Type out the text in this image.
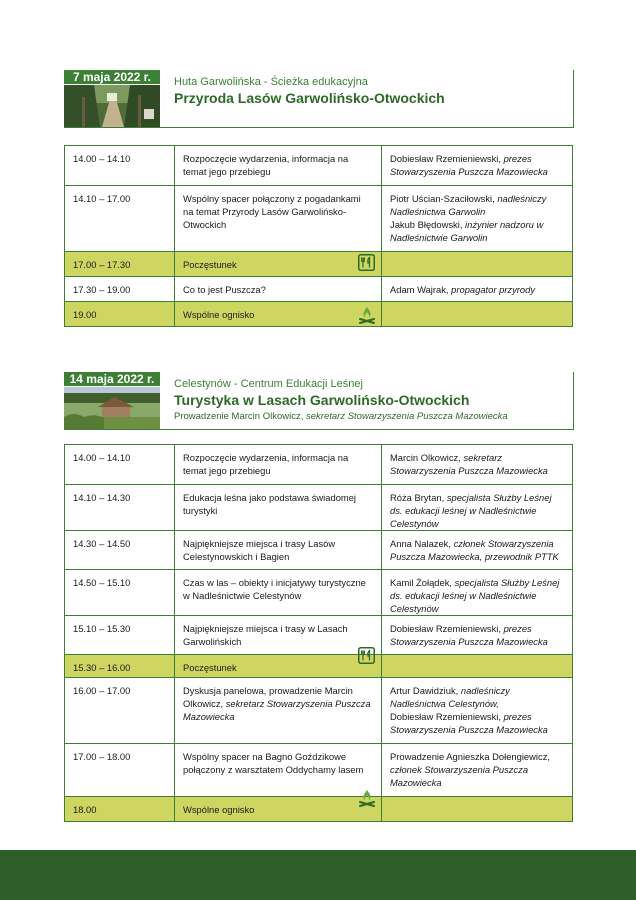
7 maja 2022 r.	Huta Garwolińska - Ścieżka edukacyjna
Przyroda Lasów Garwolińsko-Otwockich
14.00 – 14.10	Rozpoczęcie wydarzenia, informacja na temat jego przebiegu	Dobiesław Rzemieniewski, prezes Stowarzyszenia Puszcza Mazowiecka
14.10 – 17.00	Wspólny spacer połączony z pogadankami na temat Przyrody Lasów Garwolińsko-Otwockich	Piotr Uścian-Szaciłowski, nadleśniczy Nadleśnictwa Garwolin
Jakub Błędowski, inżynier nadzoru w Nadleśnictwie Garwolin
17.00 – 17.30	Poczęstunek	
17.30 – 19.00	Co to jest Puszcza?	Adam Wajrak, propagator przyrody
19.00	Wspólne ognisko	
14 maja 2022 r.	Celestynów - Centrum Edukacji Leśnej
Turystyka w Lasach Garwolińsko-Otwockich
Prowadzenie Marcin Olkowicz, sekretarz Stowarzyszenia Puszcza Mazowiecka
14.00 – 14.10	Rozpoczęcie wydarzenia, informacja na temat jego przebiegu	Marcin Olkowicz, sekretarz Stowarzyszenia Puszcza Mazowiecka
14.10 – 14.30	Edukacja leśna jako podstawa świadomej turystyki	Róża Brytan, specjalista Służby Leśnej ds. edukacji leśnej w Nadleśnictwie Celestynów
14.30 – 14.50	Najpiękniejsze miejsca i trasy Lasów Celestynowskich i Bagien	Anna Nalazek, członek Stowarzyszenia Puszcza Mazowiecka, przewodnik PTTK
14.50 – 15.10	Czas w las – obiekty i inicjatywy turystyczne w Nadleśnictwie Celestynów	Kamil Żołądek, specjalista Służby Leśnej ds. edukacji leśnej w Nadleśnictwie Celestynów
15.10 – 15.30	Najpiękniejsze miejsca i trasy w Lasach Garwolińskich	Dobiesław Rzemieniewski, prezes Stowarzyszenia Puszcza Mazowiecka
15.30 – 16.00	Poczęstunek	
16.00 – 17.00	Dyskusja panelowa, prowadzenie Marcin Olkowicz, sekretarz Stowarzyszenia Puszcza Mazowiecka	Artur Dawidziuk, nadleśniczy Nadleśnictwa Celestynów,
Dobiesław Rzemieniewski, prezes Stowarzyszenia Puszcza Mazowiecka
17.00 – 18.00	Wspólny spacer na Bagno Goździkowe połączony z warsztatem Oddychamy lasem	Prowadzenie Agnieszka Dołengiewicz, członek Stowarzyszenia Puszcza Mazowiecka
18.00	Wspólne ognisko	
